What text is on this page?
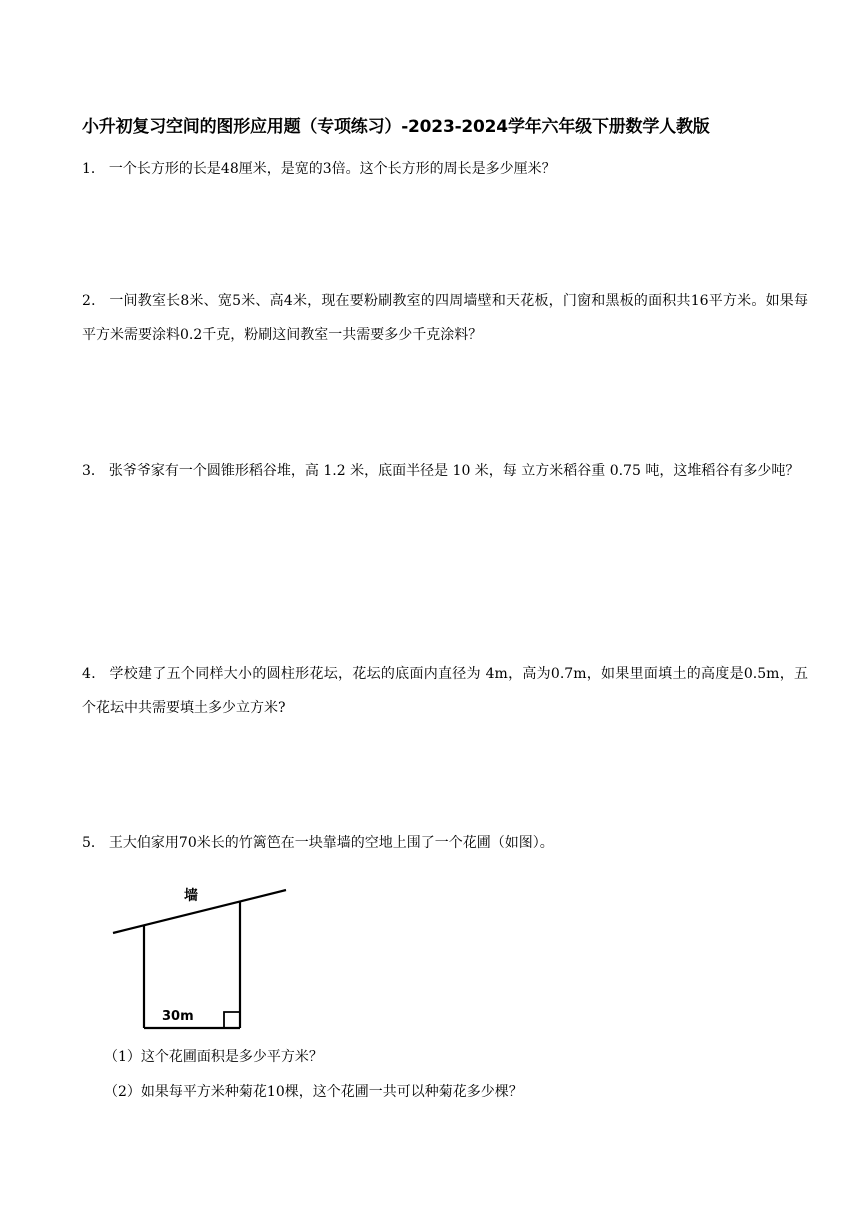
小升初复习空间的图形应用题（专项练习）-2023-2024学年六年级下册数学人教版
1． 一个长方形的长是48厘米，是宽的3倍。这个长方形的周长是多少厘米？
2． 一间教室长8米、宽5米、高4米，现在要粉刷教室的四周墙壁和天花板，门窗和黑板的面积共16平方米。如果每平方米需要涂料0.2千克，粉刷这间教室一共需要多少千克涂料？
3． 张爷爷家有一个圆锥形稻谷堆，高 1.2 米，底面半径是 10 米，每 立方米稻谷重 0.75 吨，这堆稻谷有多少吨？
4． 学校建了五个同样大小的圆柱形花坛，花坛的底面内直径为 4m，高为0.7m，如果里面填土的高度是0.5m，五个花坛中共需要填土多少立方米?
5． 王大伯家用70米长的竹篱笆在一块靠墙的空地上围了一个花圃（如图）。
墙
30m
（1）这个花圃面积是多少平方米？
（2）如果每平方米种菊花10棵，这个花圃一共可以种菊花多少棵？
